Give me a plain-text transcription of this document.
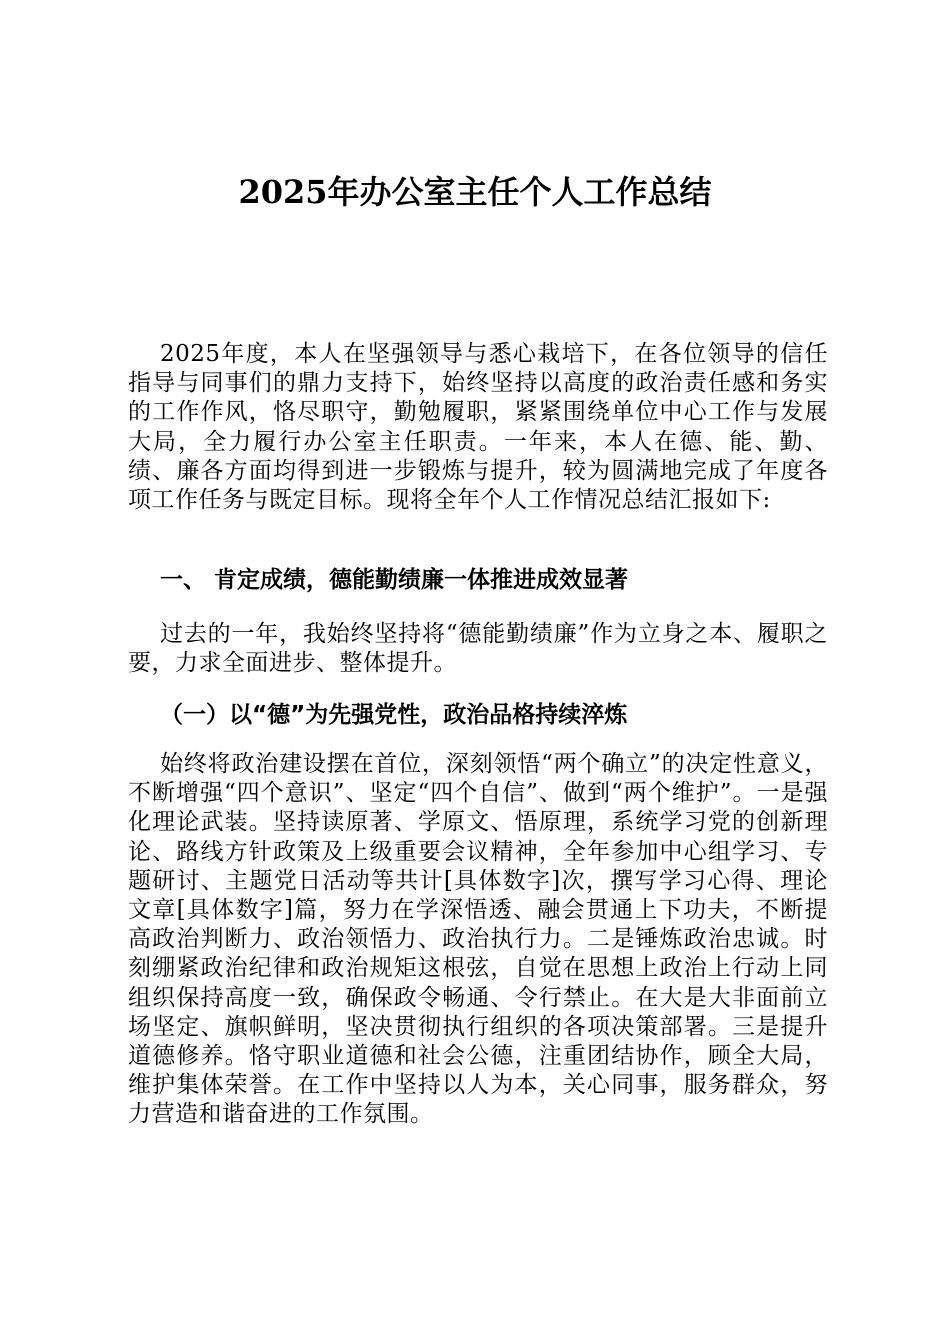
2025年办公室主任个人工作总结

2025年度，本人在坚强领导与悉心栽培下，在各位领导的信任指导与同事们的鼎力支持下，始终坚持以高度的政治责任感和务实的工作作风，恪尽职守，勤勉履职，紧紧围绕单位中心工作与发展大局，全力履行办公室主任职责。一年来，本人在德、能、勤、绩、廉各方面均得到进一步锻炼与提升，较为圆满地完成了年度各项工作任务与既定目标。现将全年个人工作情况总结汇报如下:

一、 肯定成绩，德能勤绩廉一体推进成效显著

过去的一年，我始终坚持将“德能勤绩廉”作为立身之本、履职之要，力求全面进步、整体提升。

（一）以“德”为先强党性，政治品格持续淬炼

始终将政治建设摆在首位，深刻领悟“两个确立”的决定性意义，不断增强“四个意识”、坚定“四个自信”、做到“两个维护”。一是强化理论武装。坚持读原著、学原文、悟原理，系统学习党的创新理论、路线方针政策及上级重要会议精神，全年参加中心组学习、专题研讨、主题党日活动等共计[具体数字]次，撰写学习心得、理论文章[具体数字]篇，努力在学深悟透、融会贯通上下功夫，不断提高政治判断力、政治领悟力、政治执行力。二是锤炼政治忠诚。时刻绷紧政治纪律和政治规矩这根弦，自觉在思想上政治上行动上同组织保持高度一致，确保政令畅通、令行禁止。在大是大非面前立场坚定、旗帜鲜明，坚决贯彻执行组织的各项决策部署。三是提升道德修养。恪守职业道德和社会公德，注重团结协作，顾全大局，维护集体荣誉。在工作中坚持以人为本，关心同事，服务群众，努力营造和谐奋进的工作氛围。
